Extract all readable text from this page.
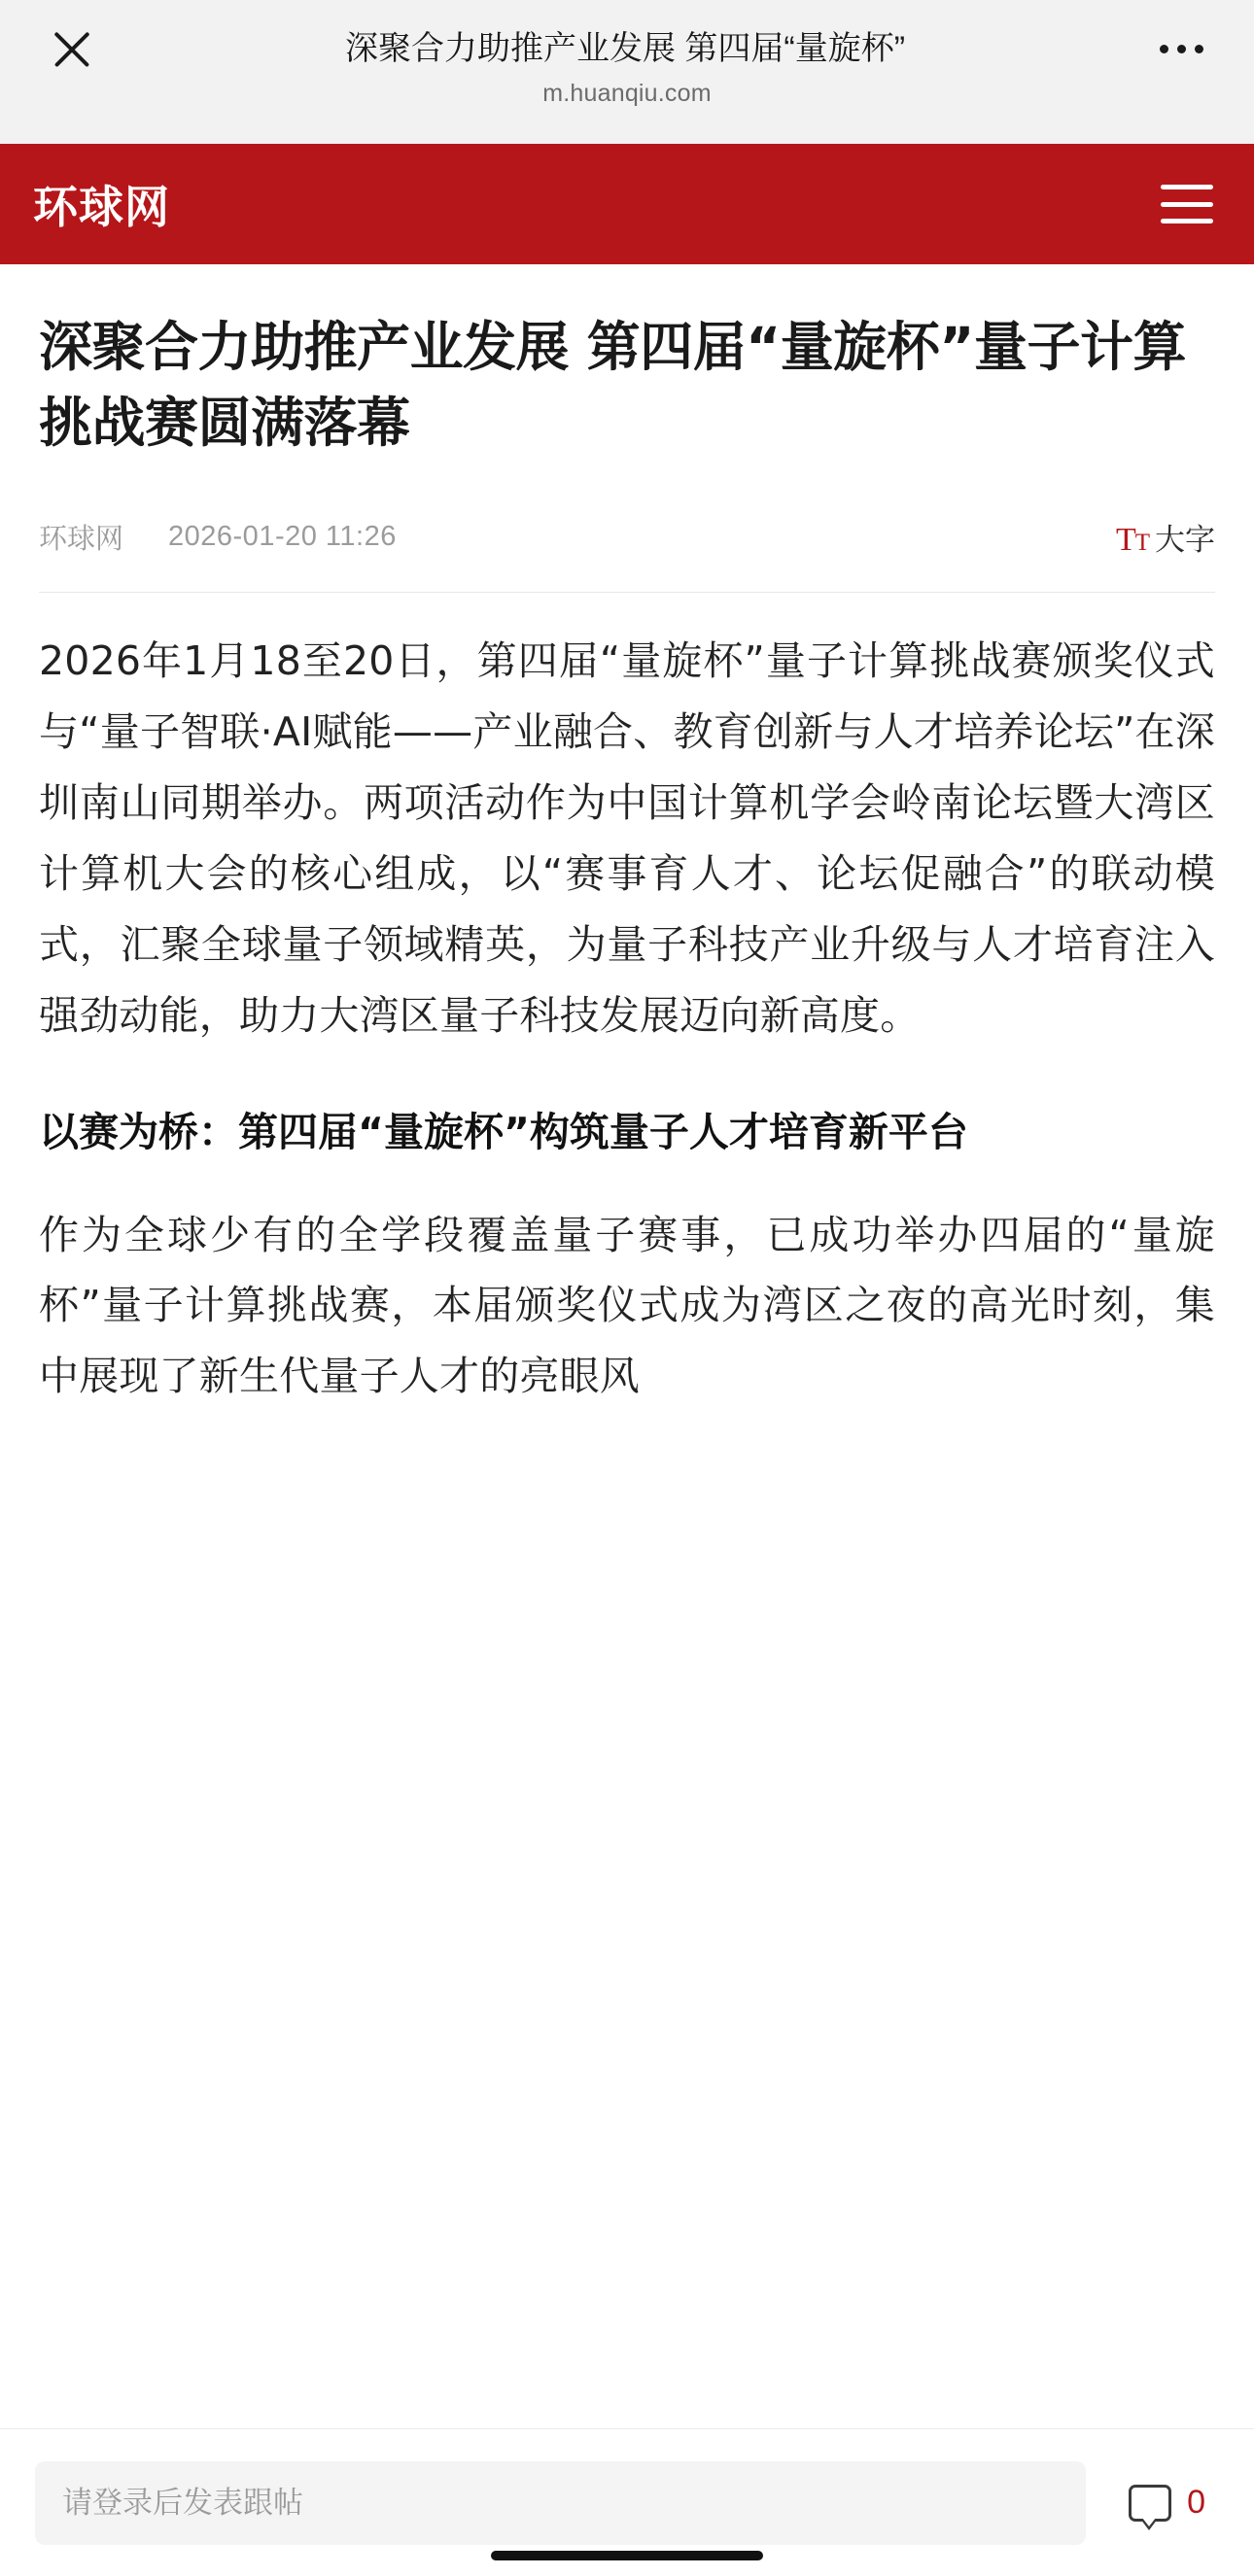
深聚合力助推产业发展 第四届“量旋杯”
m.huanqiu.com
环球网
深聚合力助推产业发展 第四届“量旋杯”量子计算挑战赛圆满落幕
环球网 2026-01-20 11:26	TT 大字

2026年1月18至20日，第四届“量旋杯”量子计算挑战赛颁奖仪式与“量子智联·AI赋能——产业融合、教育创新与人才培养论坛”在深圳南山同期举办。两项活动作为中国计算机学会岭南论坛暨大湾区计算机大会的核心组成，以“赛事育人才、论坛促融合”的联动模式，汇聚全球量子领域精英，为量子科技产业升级与人才培育注入强劲动能，助力大湾区量子科技发展迈向新高度。

以赛为桥：第四届“量旋杯”构筑量子人才培育新平台

作为全球少有的全学段覆盖量子赛事，已成功举办四届的“量旋杯”量子计算挑战赛，本届颁奖仪式成为湾区之夜的高光时刻，集中展现了新生代量子人才的亮眼风

请登录后发表跟帖
0
